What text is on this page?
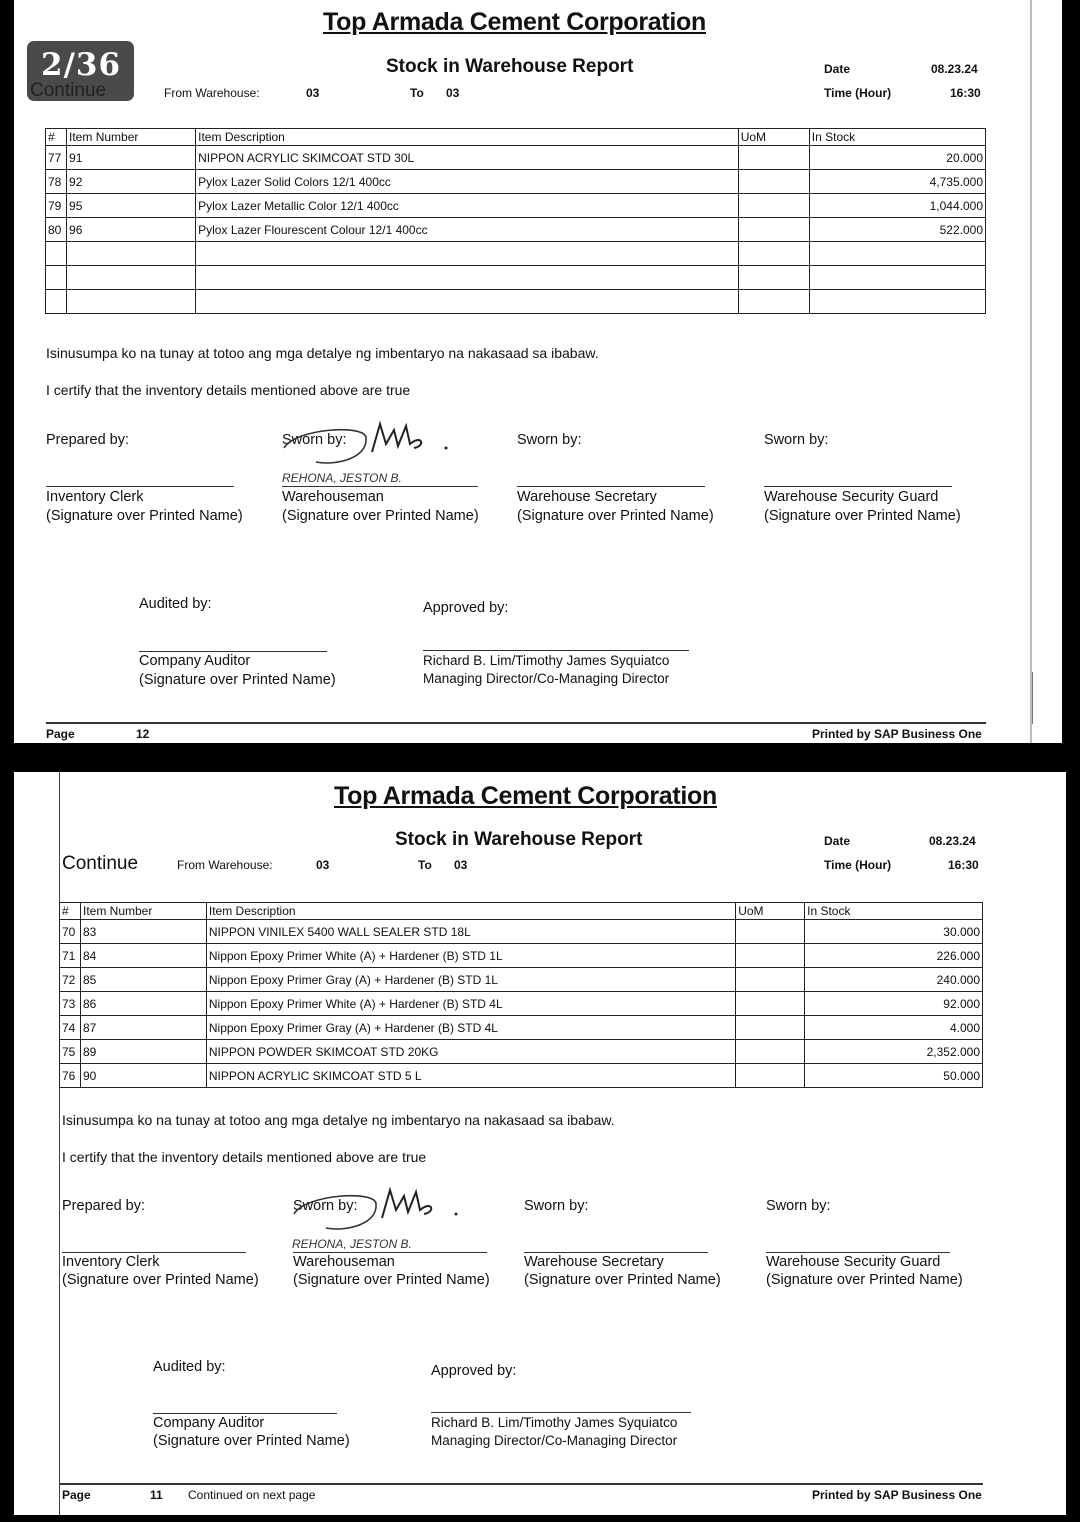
Top Armada Cement Corporation
Stock in Warehouse Report
From Warehouse:	03	To 03
Date	08.23.24
Time (Hour)	16:30
#	Item Number	Item Description	UoM	In Stock
77	91	NIPPON ACRYLIC SKIMCOAT STD 30L		20.000
78	92	Pylox Lazer Solid Colors 12/1 400cc		4,735.000
79	95	Pylox Lazer Metallic Color 12/1 400cc		1,044.000
80	96	Pylox Lazer Flourescent Colour 12/1 400cc		522.000

Isinusumpa ko na tunay at totoo ang mga detalye ng imbentaryo na nakasaad sa ibabaw.
I certify that the inventory details mentioned above are true
Prepared by:
Inventory Clerk
(Signature over Printed Name)
Sworn by:
REHONA, JESTON B.
Warehouseman
(Signature over Printed Name)
Sworn by:
Warehouse Secretary
(Signature over Printed Name)
Sworn by:
Warehouse Security Guard
(Signature over Printed Name)
Audited by:
Company Auditor
(Signature over Printed Name)
Approved by:
Richard B. Lim/Timothy James Syquiatco
Managing Director/Co-Managing Director
Page	12	Printed by SAP Business One
2/36
Continue
Top Armada Cement Corporation
Stock in Warehouse Report
Continue	From Warehouse:	03	To 03
Date	08.23.24
Time (Hour)	16:30
#	Item Number	Item Description	UoM	In Stock
70	83	NIPPON VINILEX 5400 WALL SEALER STD 18L		30.000
71	84	Nippon Epoxy Primer White (A) + Hardener (B) STD 1L		226.000
72	85	Nippon Epoxy Primer Gray (A) + Hardener (B) STD 1L		240.000
73	86	Nippon Epoxy Primer White (A) + Hardener (B) STD 4L		92.000
74	87	Nippon Epoxy Primer Gray (A) + Hardener (B) STD 4L		4.000
75	89	NIPPON POWDER SKIMCOAT STD 20KG		2,352.000
76	90	NIPPON ACRYLIC SKIMCOAT STD 5 L		50.000
Isinusumpa ko na tunay at totoo ang mga detalye ng imbentaryo na nakasaad sa ibabaw.
I certify that the inventory details mentioned above are true
Prepared by:
Inventory Clerk
(Signature over Printed Name)
Sworn by:
REHONA, JESTON B.
Warehouseman
(Signature over Printed Name)
Sworn by:
Warehouse Secretary
(Signature over Printed Name)
Sworn by:
Warehouse Security Guard
(Signature over Printed Name)
Audited by:
Company Auditor
(Signature over Printed Name)
Approved by:
Richard B. Lim/Timothy James Syquiatco
Managing Director/Co-Managing Director
Page	11 Continued on next page	Printed by SAP Business One
